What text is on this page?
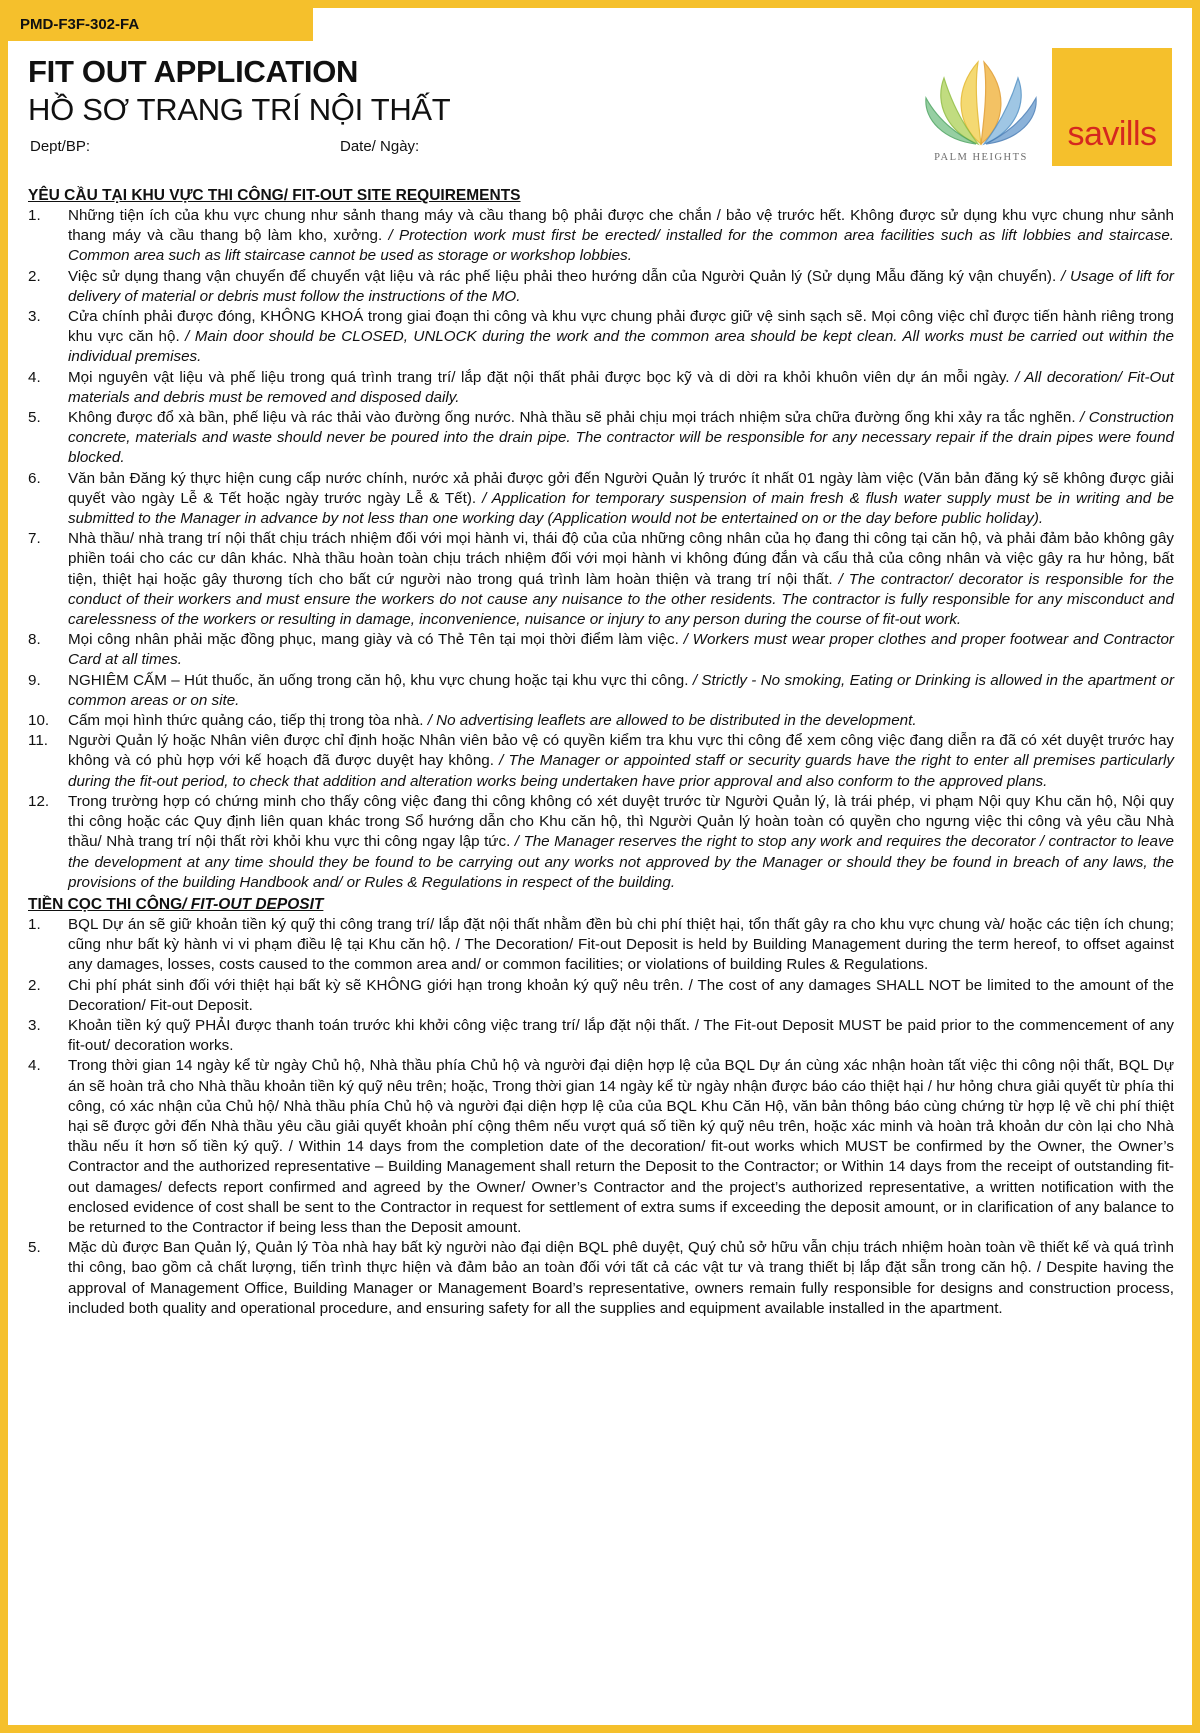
PMD-F3F-302-FA
FIT OUT APPLICATION
HỒ SƠ TRANG TRÍ NỘI THẤT
Dept/BP:	Date/ Ngày:
PALM HEIGHTS
savills
YÊU CẦU TẠI KHU VỰC THI CÔNG/ FIT-OUT SITE REQUIREMENTS
1.	Những tiện ích của khu vực chung như sảnh thang máy và cầu thang bộ phải được che chắn / bảo vệ trước hết. Không được sử dụng khu vực chung như sảnh thang máy và cầu thang bộ làm kho, xưởng. / Protection work must first be erected/ installed for the common area facilities such as lift lobbies and staircase. Common area such as lift staircase cannot be used as storage or workshop lobbies.
2.	Việc sử dụng thang vận chuyển để chuyển vật liệu và rác phế liệu phải theo hướng dẫn của Người Quản lý (Sử dụng Mẫu đăng ký vận chuyển). / Usage of lift for delivery of material or debris must follow the instructions of the MO.
3.	Cửa chính phải được đóng, KHÔNG KHOÁ trong giai đoạn thi công và khu vực chung phải được giữ vệ sinh sạch sẽ. Mọi công việc chỉ được tiến hành riêng trong khu vực căn hộ. / Main door should be CLOSED, UNLOCK during the work and the common area should be kept clean. All works must be carried out within the individual premises.
4.	Mọi nguyên vật liệu và phế liệu trong quá trình trang trí/ lắp đặt nội thất phải được bọc kỹ và di dời ra khỏi khuôn viên dự án mỗi ngày. / All decoration/ Fit-Out materials and debris must be removed and disposed daily.
5.	Không được đổ xà bần, phế liệu và rác thải vào đường ống nước. Nhà thầu sẽ phải chịu mọi trách nhiệm sửa chữa đường ống khi xảy ra tắc nghẽn. / Construction concrete, materials and waste should never be poured into the drain pipe. The contractor will be responsible for any necessary repair if the drain pipes were found blocked.
6.	Văn bản Đăng ký thực hiện cung cấp nước chính, nước xả phải được gởi đến Người Quản lý trước ít nhất 01 ngày làm việc (Văn bản đăng ký sẽ không được giải quyết vào ngày Lễ & Tết hoặc ngày trước ngày Lễ & Tết). / Application for temporary suspension of main fresh & flush water supply must be in writing and be submitted to the Manager in advance by not less than one working day (Application would not be entertained on or the day before public holiday).
7.	Nhà thầu/ nhà trang trí nội thất chịu trách nhiệm đối với mọi hành vi, thái độ của của những công nhân của họ đang thi công tại căn hộ, và phải đảm bảo không gây phiền toái cho các cư dân khác. Nhà thầu hoàn toàn chịu trách nhiệm đối với mọi hành vi không đúng đắn và cẩu thả của công nhân và việc gây ra hư hỏng, bất tiện, thiệt hại hoặc gây thương tích cho bất cứ người nào trong quá trình làm hoàn thiện và trang trí nội thất. / The contractor/ decorator is responsible for the conduct of their workers and must ensure the workers do not cause any nuisance to the other residents. The contractor is fully responsible for any misconduct and carelessness of the workers or resulting in damage, inconvenience, nuisance or injury to any person during the course of fit-out work.
8.	Mọi công nhân phải mặc đồng phục, mang giày và có Thẻ Tên tại mọi thời điểm làm việc. / Workers must wear proper clothes and proper footwear and Contractor Card at all times.
9.	NGHIÊM CẤM – Hút thuốc, ăn uống trong căn hộ, khu vực chung hoặc tại khu vực thi công. / Strictly - No smoking, Eating or Drinking is allowed in the apartment or common areas or on site.
10.	Cấm mọi hình thức quảng cáo, tiếp thị trong tòa nhà. / No advertising leaflets are allowed to be distributed in the development.
11.	Người Quản lý hoặc Nhân viên được chỉ định hoặc Nhân viên bảo vệ có quyền kiểm tra khu vực thi công để xem công việc đang diễn ra đã có xét duyệt trước hay không và có phù hợp với kế hoạch đã được duyệt hay không. / The Manager or appointed staff or security guards have the right to enter all premises particularly during the fit-out period, to check that addition and alteration works being undertaken have prior approval and also conform to the approved plans.
12.	Trong trường hợp có chứng minh cho thấy công việc đang thi công không có xét duyệt trước từ Người Quản lý, là trái phép, vi phạm Nội quy Khu căn hộ, Nội quy thi công hoặc các Quy định liên quan khác trong Sổ hướng dẫn cho Khu căn hộ, thì Người Quản lý hoàn toàn có quyền cho ngưng việc thi công và yêu cầu Nhà thầu/ Nhà trang trí nội thất rời khỏi khu vực thi công ngay lập tức. / The Manager reserves the right to stop any work and requires the decorator / contractor to leave the development at any time should they be found to be carrying out any works not approved by the Manager or should they be found in breach of any laws, the provisions of the building Handbook and/ or Rules & Regulations in respect of the building.
TIỀN CỌC THI CÔNG/ FIT-OUT DEPOSIT
1.	BQL Dự án sẽ giữ khoản tiền ký quỹ thi công trang trí/ lắp đặt nội thất nhằm đền bù chi phí thiệt hại, tổn thất gây ra cho khu vực chung và/ hoặc các tiện ích chung; cũng như bất kỳ hành vi vi phạm điều lệ tại Khu căn hộ. / The Decoration/ Fit-out Deposit is held by Building Management during the term hereof, to offset against any damages, losses, costs caused to the common area and/ or common facilities; or violations of building Rules & Regulations.
2.	Chi phí phát sinh đối với thiệt hại bất kỳ sẽ KHÔNG giới hạn trong khoản ký quỹ nêu trên. / The cost of any damages SHALL NOT be limited to the amount of the Decoration/ Fit-out Deposit.
3.	Khoản tiền ký quỹ PHẢI được thanh toán trước khi khởi công việc trang trí/ lắp đặt nội thất. / The Fit-out Deposit MUST be paid prior to the commencement of any fit-out/ decoration works.
4.	Trong thời gian 14 ngày kể từ ngày Chủ hộ, Nhà thầu phía Chủ hộ và người đại diện hợp lệ của BQL Dự án cùng xác nhận hoàn tất việc thi công nội thất, BQL Dự án sẽ hoàn trả cho Nhà thầu khoản tiền ký quỹ nêu trên; hoặc, Trong thời gian 14 ngày kể từ ngày nhận được báo cáo thiệt hại / hư hỏng chưa giải quyết từ phía thi công, có xác nhận của Chủ hộ/ Nhà thầu phía Chủ hộ và người đại diện hợp lệ của của BQL Khu Căn Hộ, văn bản thông báo cùng chứng từ hợp lệ về chi phí thiệt hại sẽ được gởi đến Nhà thầu yêu cầu giải quyết khoản phí cộng thêm nếu vượt quá số tiền ký quỹ nêu trên, hoặc xác minh và hoàn trả khoản dư còn lại cho Nhà thầu nếu ít hơn số tiền ký quỹ. / Within 14 days from the completion date of the decoration/ fit-out works which MUST be confirmed by the Owner, the Owner’s Contractor and the authorized representative – Building Management shall return the Deposit to the Contractor; or Within 14 days from the receipt of outstanding fit-out damages/ defects report confirmed and agreed by the Owner/ Owner’s Contractor and the project’s authorized representative, a written notification with the enclosed evidence of cost shall be sent to the Contractor in request for settlement of extra sums if exceeding the deposit amount, or in clarification of any balance to be returned to the Contractor if being less than the Deposit amount.
5.	Mặc dù được Ban Quản lý, Quản lý Tòa nhà hay bất kỳ người nào đại diện BQL phê duyệt, Quý chủ sở hữu vẫn chịu trách nhiệm hoàn toàn về thiết kế và quá trình thi công, bao gồm cả chất lượng, tiến trình thực hiện và đảm bảo an toàn đối với tất cả các vật tư và trang thiết bị lắp đặt sẵn trong căn hộ. / Despite having the approval of Management Office, Building Manager or Management Board’s representative, owners remain fully responsible for designs and construction process, included both quality and operational procedure, and ensuring safety for all the supplies and equipment available installed in the apartment.
